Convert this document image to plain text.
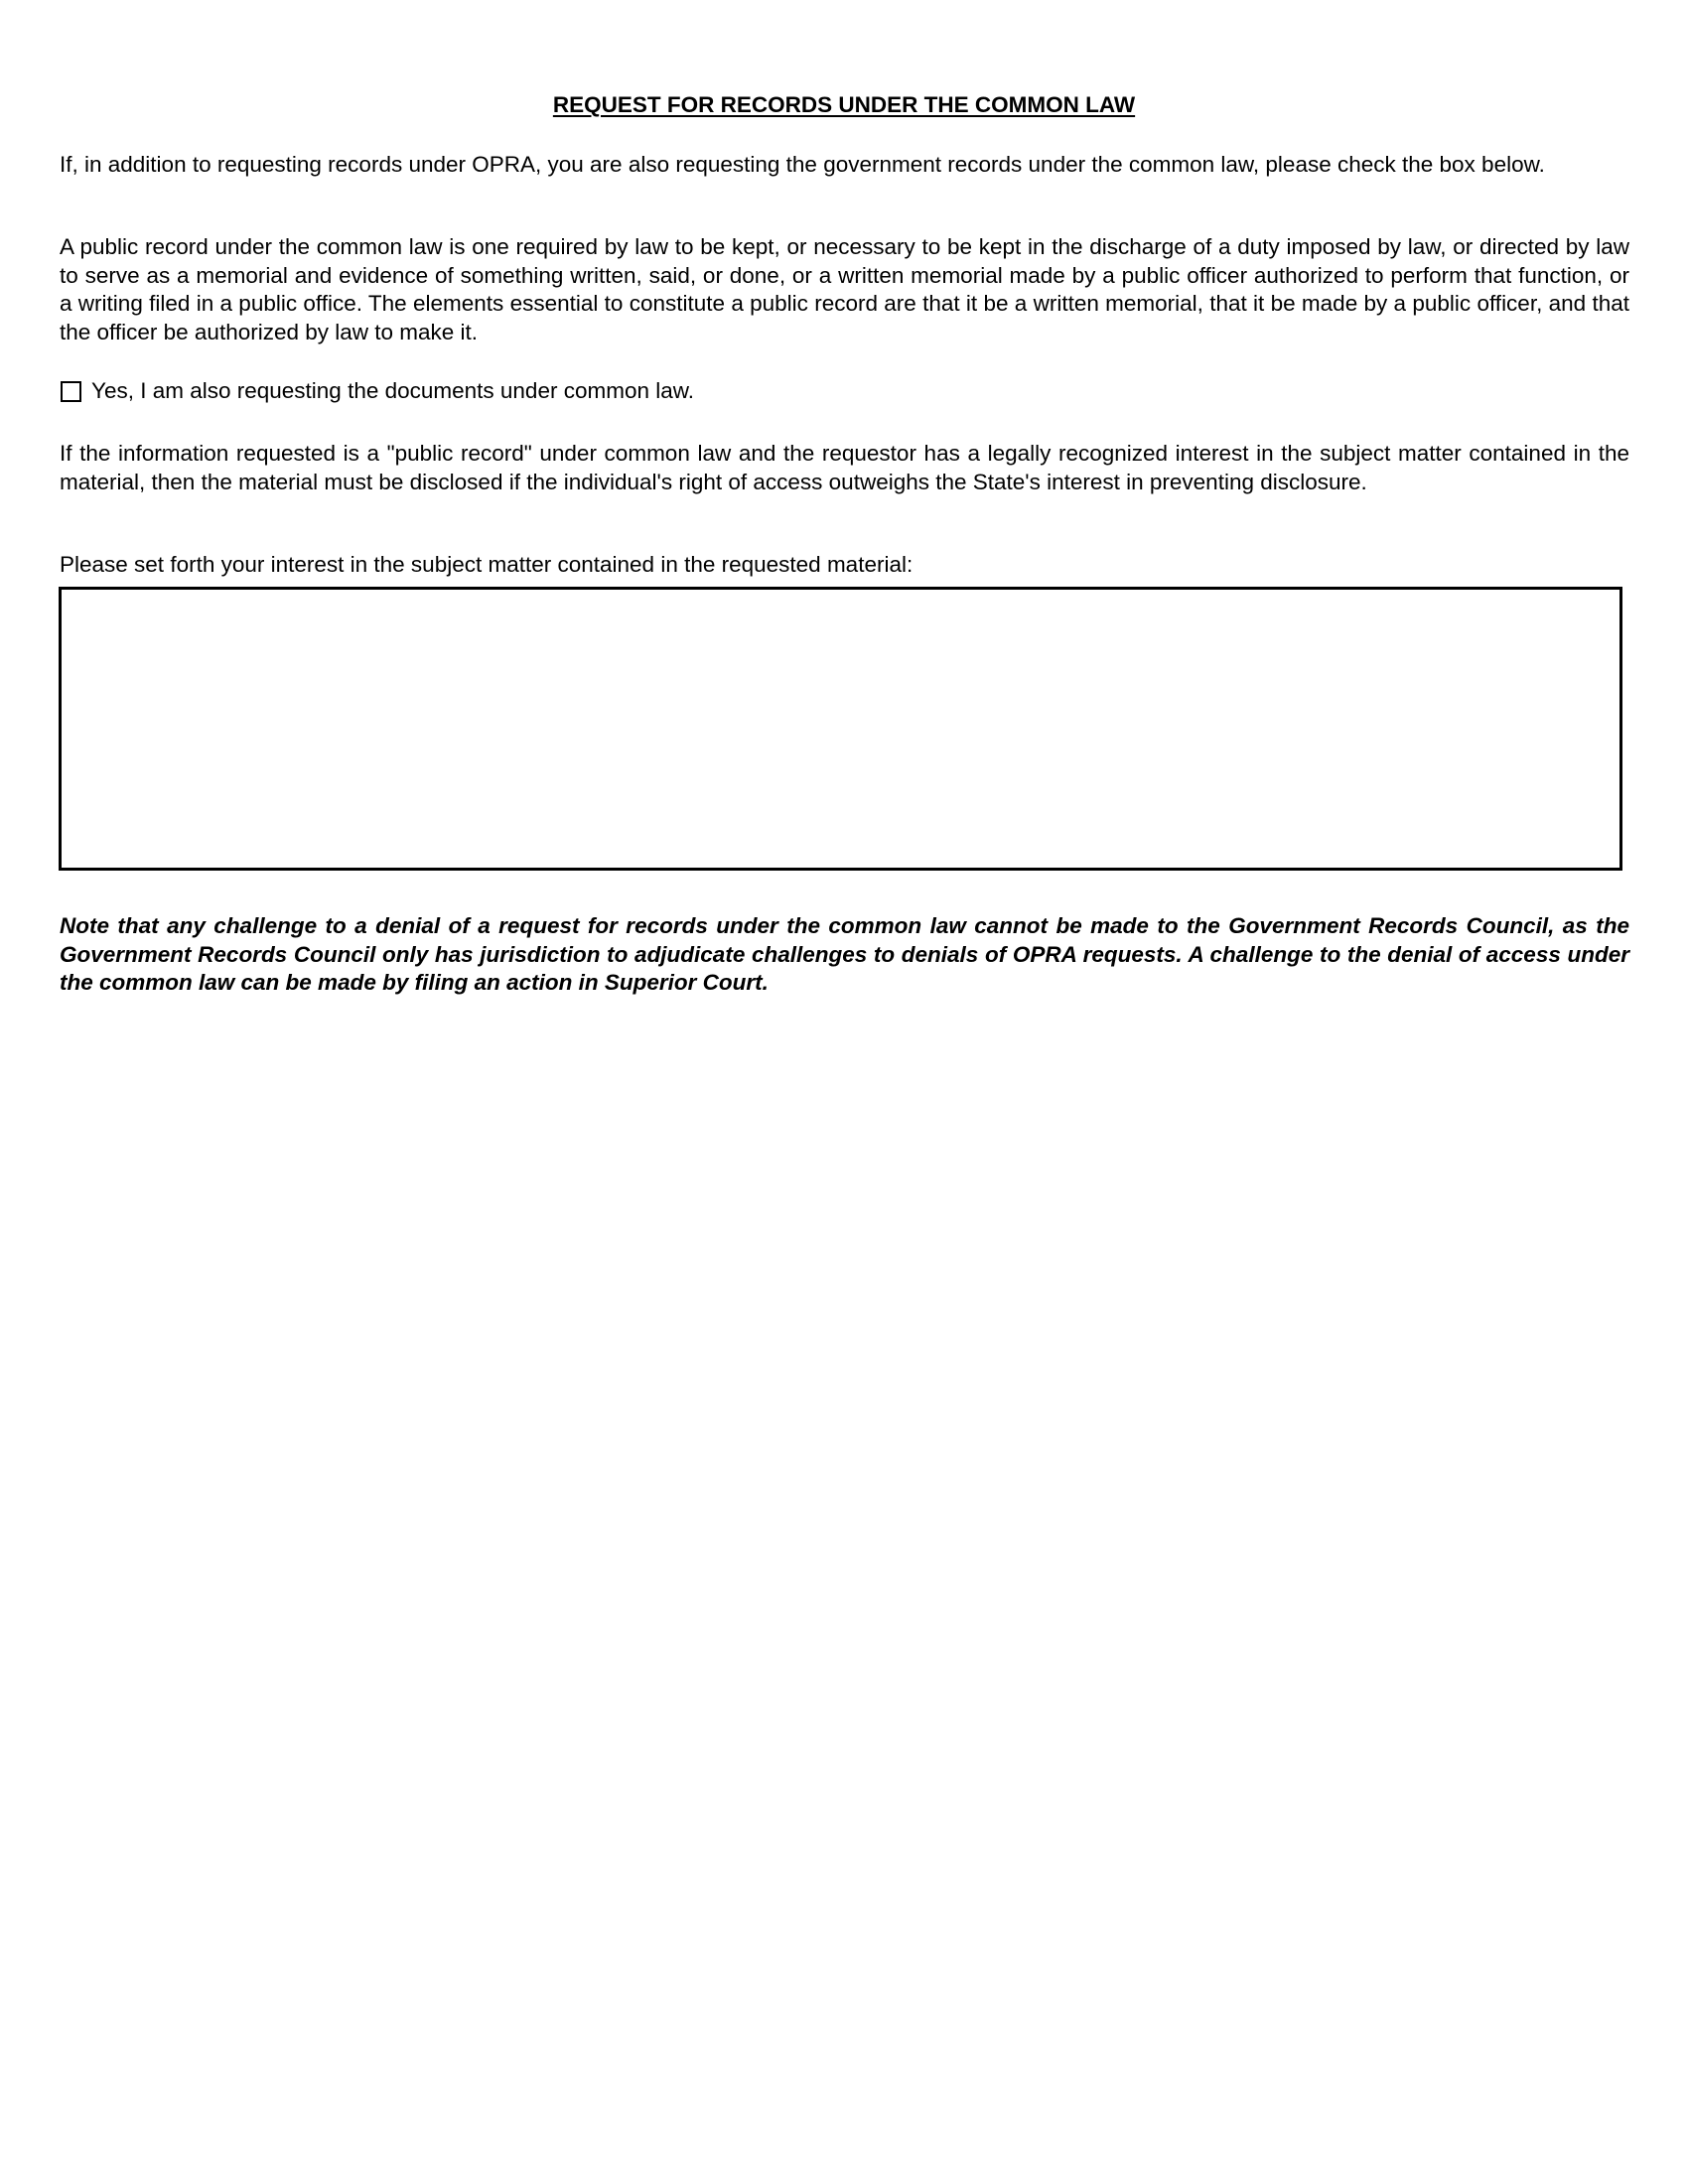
REQUEST FOR RECORDS UNDER THE COMMON LAW

If, in addition to requesting records under OPRA, you are also requesting the government records under the common law, please check the box below.

A public record under the common law is one required by law to be kept, or necessary to be kept in the discharge of a duty imposed by law, or directed by law to serve as a memorial and evidence of something written, said, or done, or a written memorial made by a public officer authorized to perform that function, or a writing filed in a public office. The elements essential to constitute a public record are that it be a written memorial, that it be made by a public officer, and that the officer be authorized by law to make it.

Yes, I am also requesting the documents under common law.

If the information requested is a "public record" under common law and the requestor has a legally recognized interest in the subject matter contained in the material, then the material must be disclosed if the individual's right of access outweighs the State's interest in preventing disclosure.

Please set forth your interest in the subject matter contained in the requested material:

Note that any challenge to a denial of a request for records under the common law cannot be made to the Government Records Council, as the Government Records Council only has jurisdiction to adjudicate challenges to denials of OPRA requests. A challenge to the denial of access under the common law can be made by filing an action in Superior Court.
